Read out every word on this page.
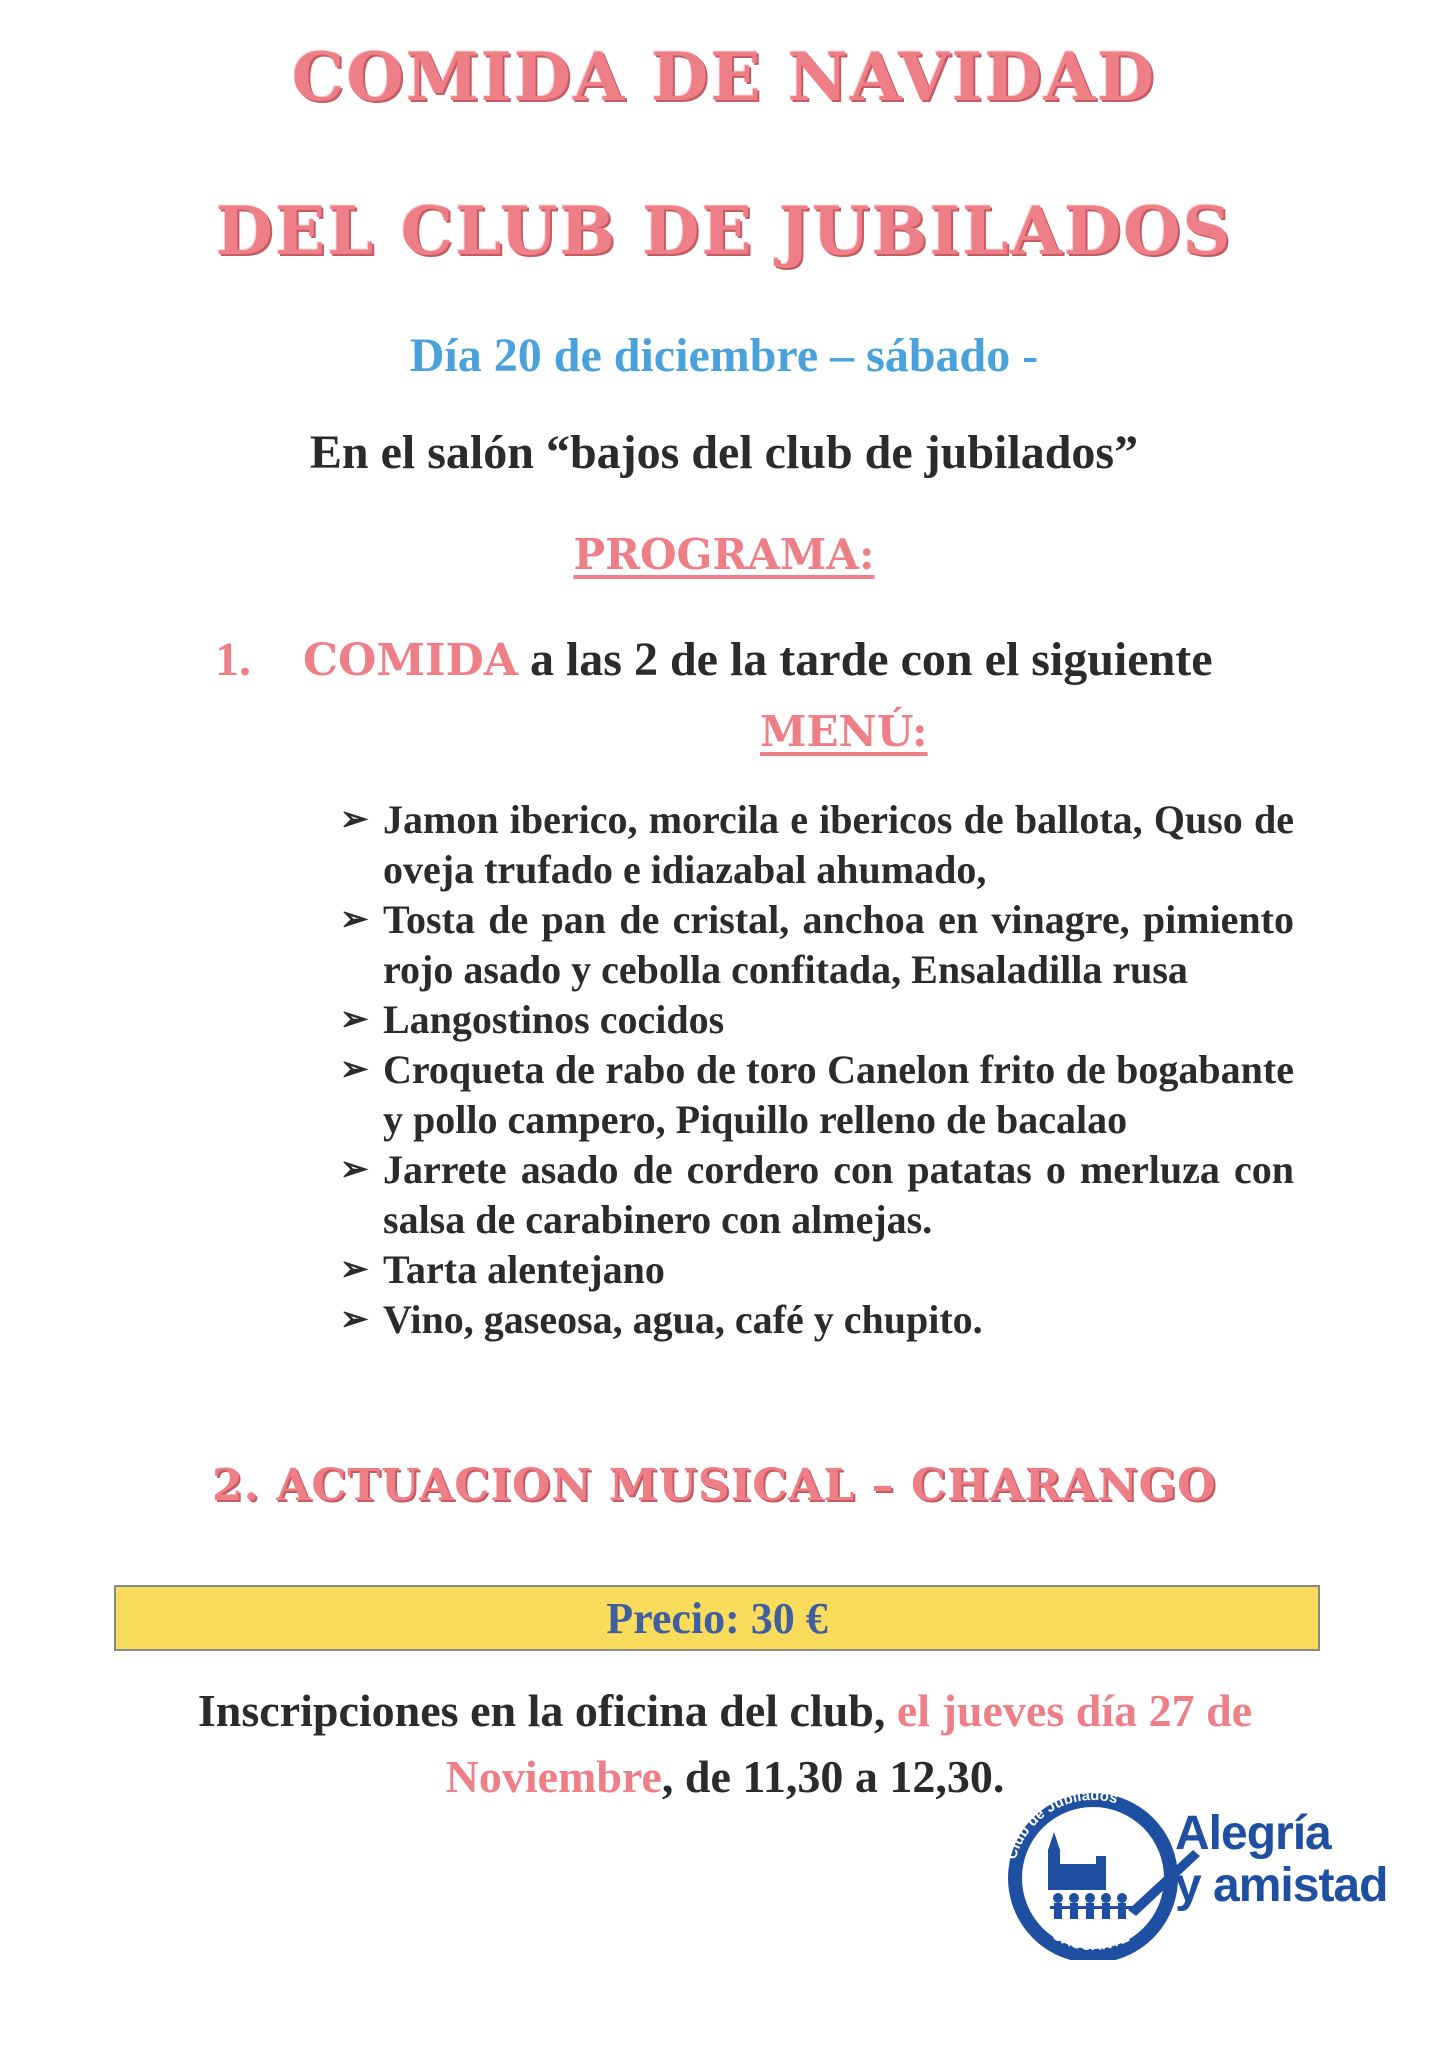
COMIDA DE NAVIDAD
DEL CLUB DE JUBILADOS
Día 20 de diciembre – sábado -
En el salón “bajos del club de jubilados”
PROGRAMA:
1. COMIDA a las 2 de la tarde con el siguiente
MENÚ:
➢ Jamon iberico, morcila e ibericos de ballota, Quso de oveja trufado e idiazabal ahumado,
➢ Tosta de pan de cristal, anchoa en vinagre, pimiento rojo asado y cebolla confitada, Ensaladilla rusa
➢ Langostinos cocidos
➢ Croqueta de rabo de toro Canelon frito de bogabante y pollo campero, Piquillo relleno de bacalao
➢ Jarrete asado de cordero con patatas o merluza con salsa de carabinero con almejas.
➢ Tarta alentejano
➢ Vino, gaseosa, agua, café y chupito.
2. ACTUACION MUSICAL – CHARANGO
Precio: 30 €
Inscripciones en la oficina del club, el jueves día 27 de Noviembre, de 11,30 a 12,30.
Club de Jubilados
CASCANTE
Alegría
y amistad
